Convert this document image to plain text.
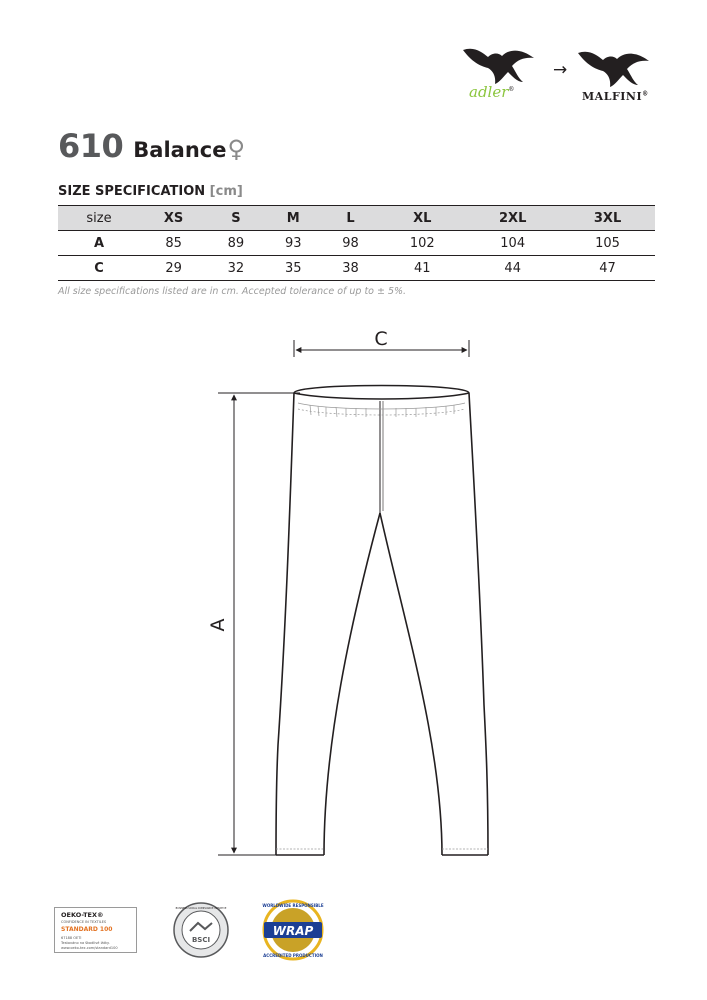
adler®
→
MALFINI®
610 Balance ♀
SIZE SPECIFICATION [cm]
size	XS	S	M	L	XL	2XL	3XL
A	85	89	93	98	102	104	105
C	29	32	35	38	41	44	47
All size specifications listed are in cm. Accepted tolerance of up to ± 5%.
C
A
OEKO-TEX®
CONFIDENCE IN TEXTILES
STANDARD 100
67188 OETI
Testováno na škodlivé látky.
www.oeko-tex.com/standard100
BSCI
BUSINESS SOCIAL COMPLIANCE INITIATIVE
WRAP
WORLDWIDE RESPONSIBLE
ACCREDITED PRODUCTION
